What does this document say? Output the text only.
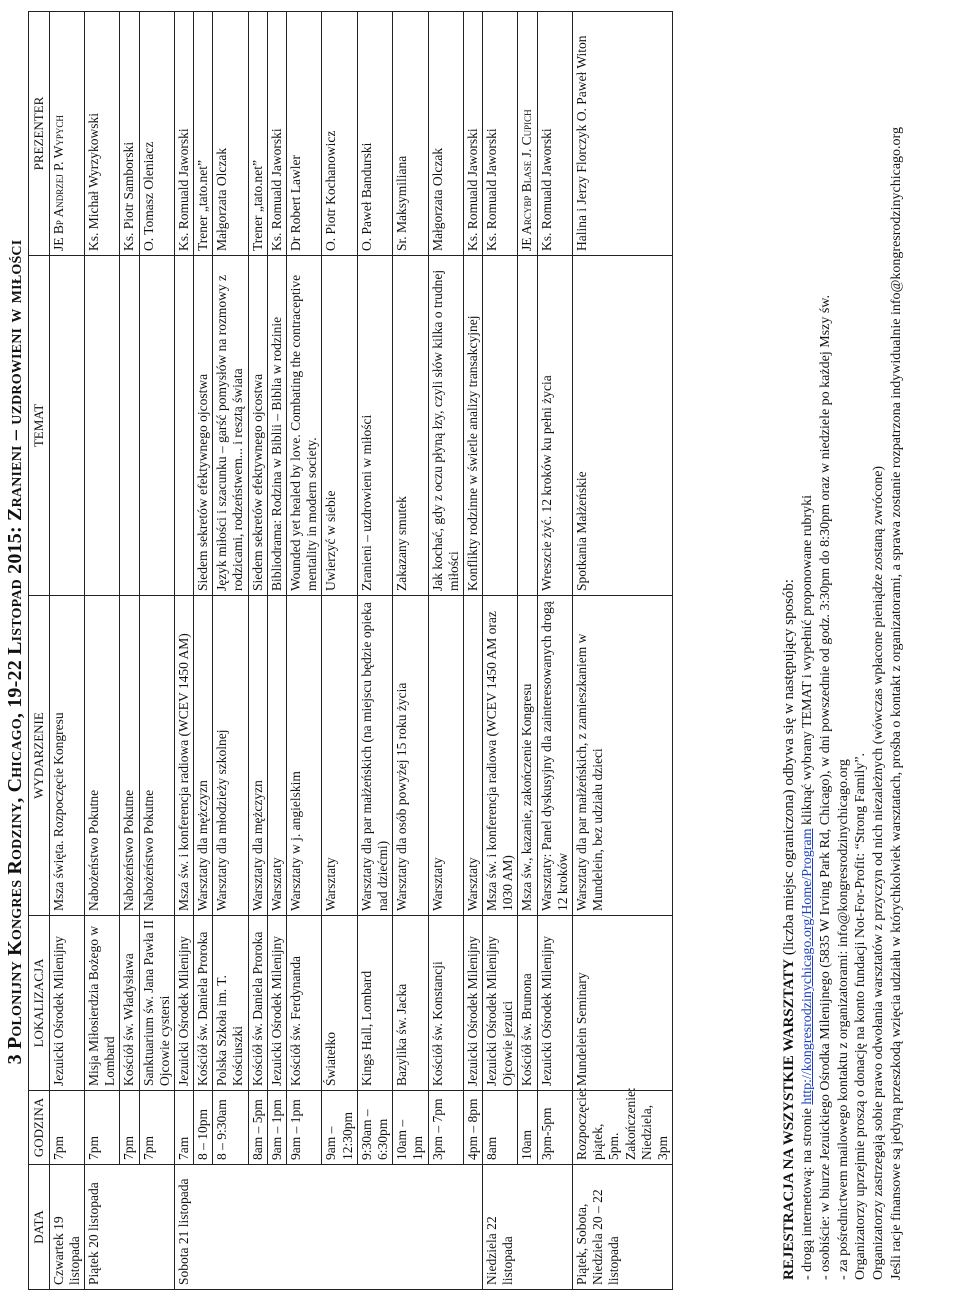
3 Polonijny Kongres Rodziny, Chicago, 19-22 Listopad 2015: Zranieni – uzdrowieni w miłości
DATA	GODZINA	LOKALIZACJA	WYDARZENIE	TEMAT	PREZENTER
Czwartek 19 listopada	7pm	Jezuicki Ośrodek Milenijny	Msza święta. Rozpoczęcie Kongresu		JE Bp Andrzej P. Wypych
Piątek 20 listopada	7pm	Misja Miłosierdzia Bożego w Lombard	Nabożeństwo Pokutne		Ks. Michał Wyrzykowski
	7pm	Kościół św. Władysława	Nabożeństwo Pokutne		Ks. Piotr Samborski
	7pm	Sanktuarium św. Jana Pawła II Ojcowie cystersi	Nabożeństwo Pokutne		O. Tomasz Oleniacz
Sobota 21 listopada	7am	Jezuicki Ośrodek Milenijny	Msza św. i konferencja radiowa (WCEV 1450 AM)		Ks. Romuald Jaworski
	8 – 10pm	Kościół św. Daniela Proroka	Warsztaty dla mężczyzn	Siedem sekretów efektywnego ojcostwa	Trener „tato.net”
	8 – 9:30am	Polska Szkoła im. T. Kościuszki	Warsztaty dla młodzieży szkolnej	Język miłości i szacunku – garść pomysłów na rozmowy z rodzicami, rodzeństwem... i resztą świata	Małgorzata Olczak
	8am – 5pm	Kościół św. Daniela Proroka	Warsztaty dla mężczyzn	Siedem sekretów efektywnego ojcostwa	Trener „tato.net”
	9am – 1pm	Jezuicki Ośrodek Milenijny	Warsztaty	Bibliodrama: Rodzina w Biblii – Biblia w rodzinie	Ks. Romuald Jaworski
	9am – 1pm	Kościół św. Ferdynanda	Warsztaty w j. angielskim	Wounded yet healed by love. Combating the contraceptive mentality in modern society.	Dr Robert Lawler
	9am – 12:30pm	Światełko	Warsztaty	Uwierzyć w siebie	O. Piotr Kochanowicz
	9:30am – 6:30pm	Kings Hall, Lombard	Warsztaty dla par małżeńskich (na miejscu będzie opieka nad dziećmi)	Zranieni – uzdrowieni w miłości	O. Paweł Bandurski
	10am – 1pm	Bazylika św. Jacka	Warsztaty dla osób powyżej 15 roku życia	Zakazany smutek	Sr. Maksymiliana
	3pm – 7pm	Kościół św. Konstancji	Warsztaty	Jak kochać, gdy z oczu płyną łzy, czyli słów kilka o trudnej miłości	Małgorzata Olczak
	4pm – 8pm	Jezuicki Ośrodek Milenijny	Warsztaty	Konflikty rodzinne w świetle analizy transakcyjnej	Ks. Romuald Jaworski
Niedziela 22 listopada	8am	Jezuicki Ośrodek Milenijny Ojcowie jezuici	Msza św. i konferencja radiowa (WCEV 1450 AM oraz 1030 AM)		Ks. Romuald Jaworski
	10am	Kościół św. Brunona	Msza św., kazanie, zakończenie Kongresu		JE Arcybp Blase J. Cupich
	3pm-5pm	Jezuicki Ośrodek Milenijny	Warsztaty: Panel dyskusyjny dla zainteresowanych drogą 12 kroków	Wreszcie żyć. 12 kroków ku pełni życia	Ks. Romuald Jaworski
Piątek, Sobota, Niedziela 20 – 22 listopada	Rozpoczęcie: piątek, 5pm. Zakończenie: Niedziela, 3pm	Mundelein Seminary	Warsztaty dla par małżeńskich, z zamieszkaniem w Mundelein, bez udziału dzieci	Spotkania Małżeńskie	Halina i Jerzy Florczyk O. Paweł Witon

REJESTRACJA NA WSZYSTKIE WARSZTATY (liczba miejsc ograniczona) odbywa się w następujący sposób:

- drogą internetową: na stronie http://kongresrodzinychicago.org/Home/Program kliknąć wybrany TEMAT i wypełnić proponowane rubryki - osobiście: w biurze Jezuickiego Ośrodka Milenijnego (5835 W Irving Park Rd, Chicago), w dni powszednie od godz. 3:30pm do 8:30pm oraz w niedziele po każdej Mszy św. - za pośrednictwem mailowego kontaktu z organizatorami: info@kongresrodzinychicago.org Organizatorzy uprzejmie proszą o donację na konto fundacji Not-For-Profit: “Strong Family”. Organizatorzy zastrzegają sobie prawo odwołania warsztatów z przyczyn od nich niezależnych (wówczas wpłacone pieniądze zostaną zwrócone) Jeśli racje finansowe są jedyną przeszkodą wzięcia udziału w którychkolwiek warsztatach, prośba o kontakt z organizatorami, a sprawa zostanie rozpatrzona indywidualnie info@kongresrodzinychicago.org
